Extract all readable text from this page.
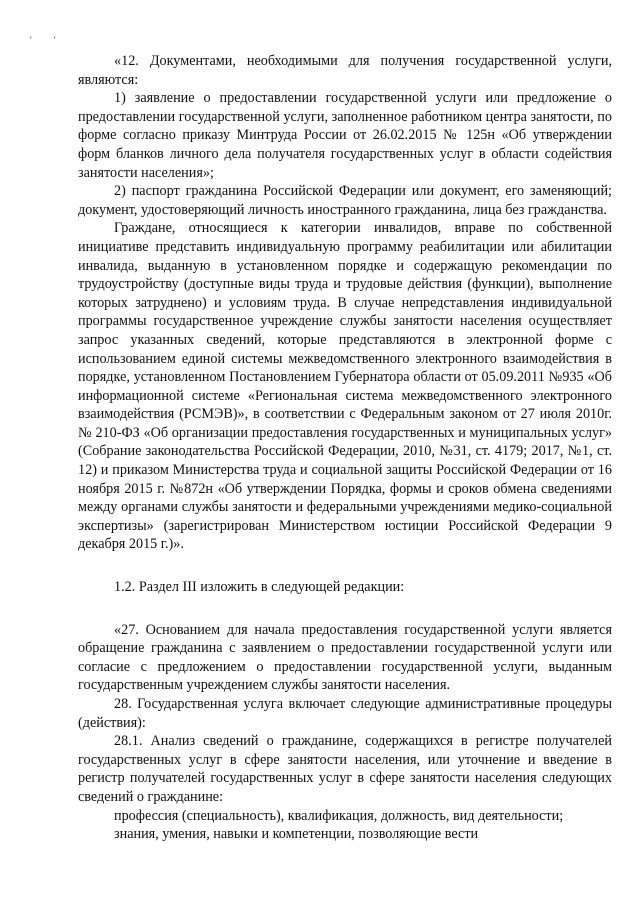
' '

«12. Документами, необходимыми для получения государственной услуги, являются:

1) заявление о предоставлении государственной услуги или предложение о предоставлении государственной услуги, заполненное работником центра занятости, по форме согласно приказу Минтруда России от 26.02.2015 № 125н «Об утверждении форм бланков личного дела получателя государственных услуг в области содействия занятости населения»;

2) паспорт гражданина Российской Федерации или документ, его заменяющий; документ, удостоверяющий личность иностранного гражданина, лица без гражданства.

Граждане, относящиеся к категории инвалидов, вправе по собственной инициативе представить индивидуальную программу реабилитации или абилитации инвалида, выданную в установленном порядке и содержащую рекомендации по трудоустройству (доступные виды труда и трудовые действия (функции), выполнение которых затруднено) и условиям труда. В случае непредставления индивидуальной программы государственное учреждение службы занятости населения осуществляет запрос указанных сведений, которые представляются в электронной форме с использованием единой системы межведомственного электронного взаимодействия в порядке, установленном Постановлением Губернатора области от 05.09.2011 №935 «Об информационной системе «Региональная система межведомственного электронного взаимодействия (РСМЭВ)», в соответствии с Федеральным законом от 27 июля 2010г. № 210-ФЗ «Об организации предоставления государственных и муниципальных услуг» (Собрание законодательства Российской Федерации, 2010, №31, ст. 4179; 2017, №1, ст. 12) и приказом Министерства труда и социальной защиты Российской Федерации от 16 ноября 2015 г. №872н «Об утверждении Порядка, формы и сроков обмена сведениями между органами службы занятости и федеральными учреждениями медико-социальной экспертизы» (зарегистрирован Министерством юстиции Российской Федерации 9 декабря 2015 г.)».

1.2. Раздел III изложить в следующей редакции:

«27. Основанием для начала предоставления государственной услуги является обращение гражданина с заявлением о предоставлении государственной услуги или согласие с предложением о предоставлении государственной услуги, выданным государственным учреждением службы занятости населения.

28. Государственная услуга включает следующие административные процедуры (действия):

28.1. Анализ сведений о гражданине, содержащихся в регистре получателей государственных услуг в сфере занятости населения, или уточнение и введение в регистр получателей государственных услуг в сфере занятости населения следующих сведений о гражданине:

профессия (специальность), квалификация, должность, вид деятельности;

знания, умения, навыки и компетенции, позволяющие вести
